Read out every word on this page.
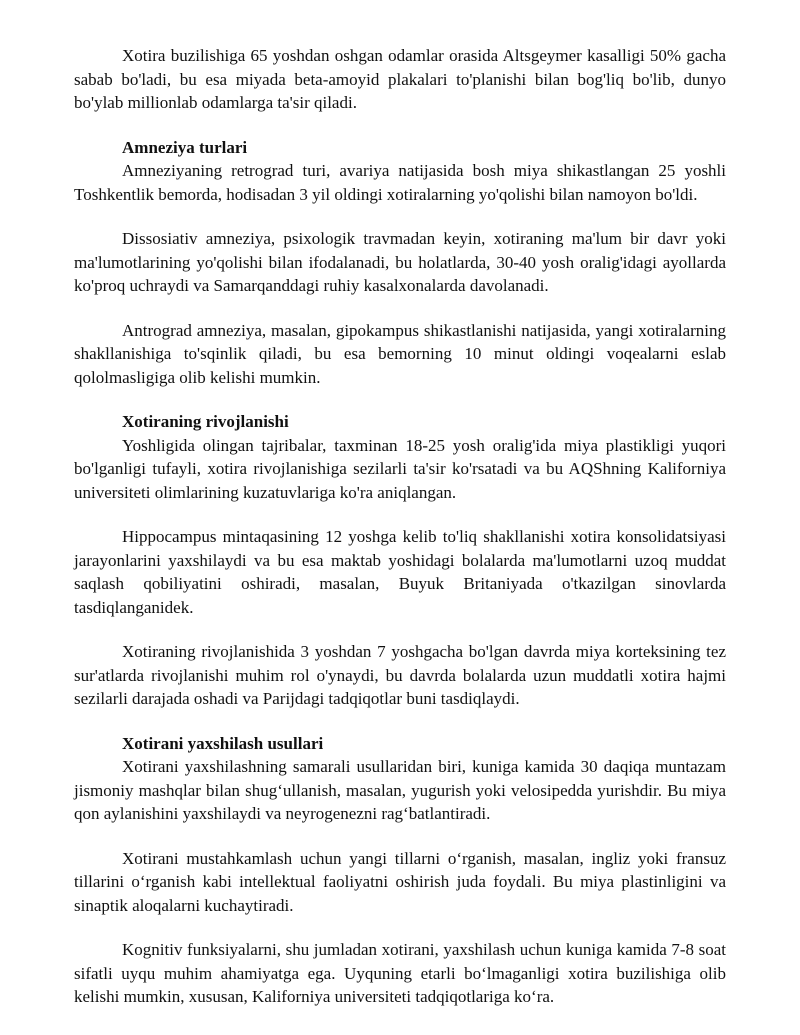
Xotira buzilishiga 65 yoshdan oshgan odamlar orasida Altsgeymer kasalligi 50% gacha sabab bo'ladi, bu esa miyada beta-amoyid plakalari to'planishi bilan bog'liq bo'lib, dunyo bo'ylab millionlab odamlarga ta'sir qiladi.

Amneziya turlari

Amneziyaning retrograd turi, avariya natijasida bosh miya shikastlangan 25 yoshli Toshkentlik bemorda, hodisadan 3 yil oldingi xotiralarning yo'qolishi bilan namoyon bo'ldi.

Dissosiativ amneziya, psixologik travmadan keyin, xotiraning ma'lum bir davr yoki ma'lumotlarining yo'qolishi bilan ifodalanadi, bu holatlarda, 30-40 yosh oralig'idagi ayollarda ko'proq uchraydi va Samarqanddagi ruhiy kasalxonalarda davolanadi.

Antrograd amneziya, masalan, gipokampus shikastlanishi natijasida, yangi xotiralarning shakllanishiga to'sqinlik qiladi, bu esa bemorning 10 minut oldingi voqealarni eslab qololmasligiga olib kelishi mumkin.

Xotiraning rivojlanishi

Yoshligida olingan tajribalar, taxminan 18-25 yosh oralig'ida miya plastikligi yuqori bo'lganligi tufayli, xotira rivojlanishiga sezilarli ta'sir ko'rsatadi va bu AQShning Kaliforniya universiteti olimlarining kuzatuvlariga ko'ra aniqlangan.

Hippocampus mintaqasining 12 yoshga kelib to'liq shakllanishi xotira konsolidatsiyasi jarayonlarini yaxshilaydi va bu esa maktab yoshidagi bolalarda ma'lumotlarni uzoq muddat saqlash qobiliyatini oshiradi, masalan, Buyuk Britaniyada o'tkazilgan sinovlarda tasdiqlanganidek.

Xotiraning rivojlanishida 3 yoshdan 7 yoshgacha bo'lgan davrda miya korteksining tez sur'atlarda rivojlanishi muhim rol o'ynaydi, bu davrda bolalarda uzun muddatli xotira hajmi sezilarli darajada oshadi va Parijdagi tadqiqotlar buni tasdiqlaydi.

Xotirani yaxshilash usullari

Xotirani yaxshilashning samarali usullaridan biri, kuniga kamida 30 daqiqa muntazam jismoniy mashqlar bilan shug‘ullanish, masalan, yugurish yoki velosipedda yurishdir. Bu miya qon aylanishini yaxshilaydi va neyrogenezni rag‘batlantiradi.

Xotirani mustahkamlash uchun yangi tillarni o‘rganish, masalan, ingliz yoki fransuz tillarini o‘rganish kabi intellektual faoliyatni oshirish juda foydali. Bu miya plastinligini va sinaptik aloqalarni kuchaytiradi.

Kognitiv funksiyalarni, shu jumladan xotirani, yaxshilash uchun kuniga kamida 7-8 soat sifatli uyqu muhim ahamiyatga ega. Uyquning etarli bo‘lmaganligi xotira buzilishiga olib kelishi mumkin, xususan, Kaliforniya universiteti tadqiqotlariga ko‘ra.
